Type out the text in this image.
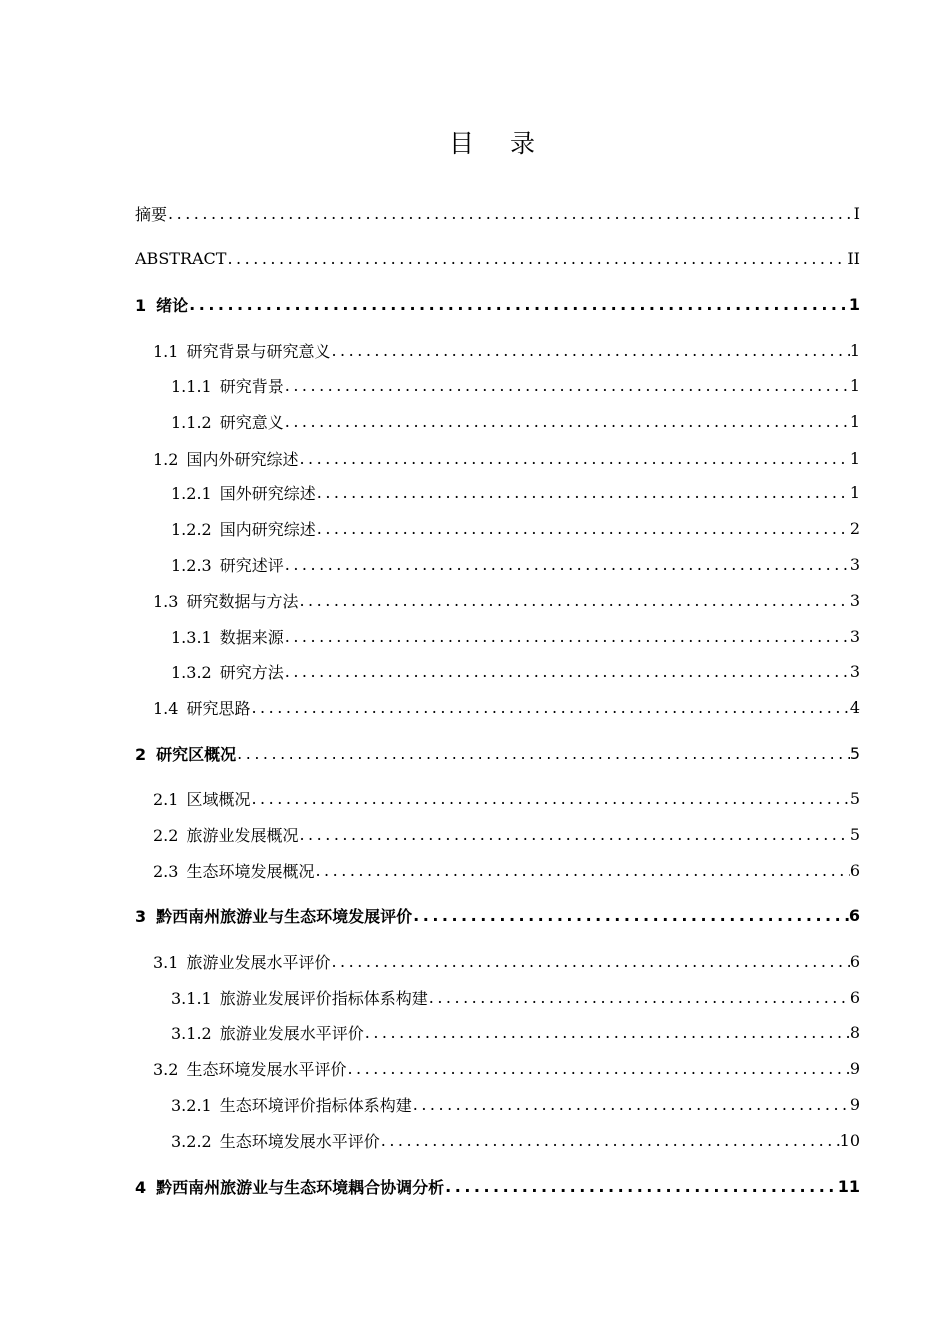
目 录
摘要 .....	I
ABSTRACT .....	II
1 绪论 .....	1
1.1 研究背景与研究意义 .....	1
1.1.1 研究背景 .....	1
1.1.2 研究意义 .....	1
1.2 国内外研究综述 .....	1
1.2.1 国外研究综述 .....	1
1.2.2 国内研究综述 .....	2
1.2.3 研究述评 .....	3
1.3 研究数据与方法 .....	3
1.3.1 数据来源 .....	3
1.3.2 研究方法 .....	3
1.4 研究思路 .....	4
2 研究区概况 .....	5
2.1 区域概况 .....	5
2.2 旅游业发展概况 .....	5
2.3 生态环境发展概况 .....	6
3 黔西南州旅游业与生态环境发展评价 .....	6
3.1 旅游业发展水平评价 .....	6
3.1.1 旅游业发展评价指标体系构建 .....	6
3.1.2 旅游业发展水平评价 .....	8
3.2 生态环境发展水平评价 .....	9
3.2.1 生态环境评价指标体系构建 .....	9
3.2.2 生态环境发展水平评价 .....	10
4 黔西南州旅游业与生态环境耦合协调分析 .....	11
